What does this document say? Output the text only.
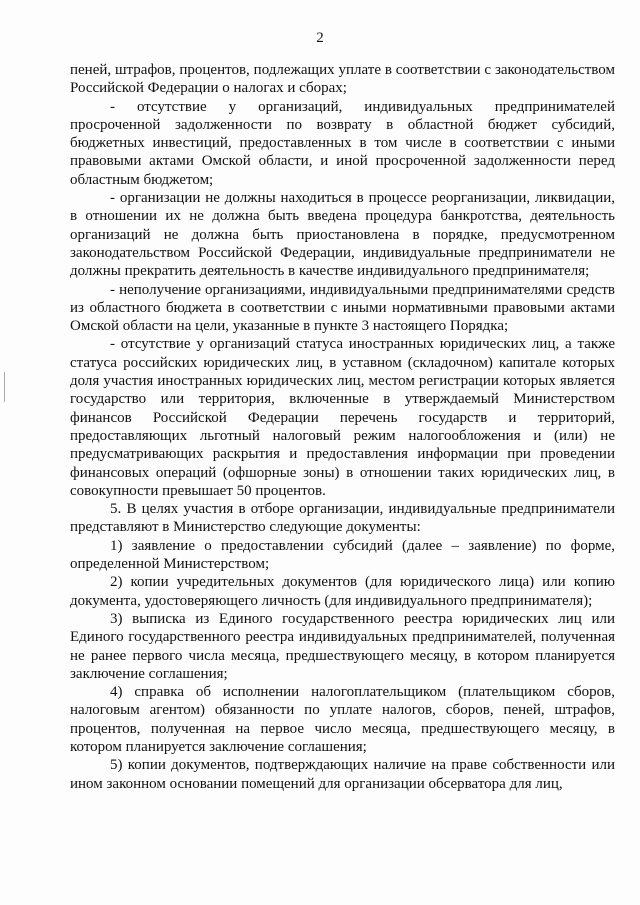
2

пеней, штрафов, процентов, подлежащих уплате в соответствии с законодательством Российской Федерации о налогах и сборах;

- отсутствие у организаций, индивидуальных предпринимателей просроченной задолженности по возврату в областной бюджет субсидий, бюджетных инвестиций, предоставленных в том числе в соответствии с иными правовыми актами Омской области, и иной просроченной задолженности перед областным бюджетом;

- организации не должны находиться в процессе реорганизации, ликвидации, в отношении их не должна быть введена процедура банкротства, деятельность организаций не должна быть приостановлена в порядке, предусмотренном законодательством Российской Федерации, индивидуальные предприниматели не должны прекратить деятельность в качестве индивидуального предпринимателя;

- неполучение организациями, индивидуальными предпринимателями средств из областного бюджета в соответствии с иными нормативными правовыми актами Омской области на цели, указанные в пункте 3 настоящего Порядка;

- отсутствие у организаций статуса иностранных юридических лиц, а также статуса российских юридических лиц, в уставном (складочном) капитале которых доля участия иностранных юридических лиц, местом регистрации которых является государство или территория, включенные в утверждаемый Министерством финансов Российской Федерации перечень государств и территорий, предоставляющих льготный налоговый режим налогообложения и (или) не предусматривающих раскрытия и предоставления информации при проведении финансовых операций (офшорные зоны) в отношении таких юридических лиц, в совокупности превышает 50 процентов.

5. В целях участия в отборе организации, индивидуальные предприниматели представляют в Министерство следующие документы:

1) заявление о предоставлении субсидий (далее – заявление) по форме, определенной Министерством;

2) копии учредительных документов (для юридического лица) или копию документа, удостоверяющего личность (для индивидуального предпринимателя);

3) выписка из Единого государственного реестра юридических лиц или Единого государственного реестра индивидуальных предпринимателей, полученная не ранее первого числа месяца, предшествующего месяцу, в котором планируется заключение соглашения;

4) справка об исполнении налогоплательщиком (плательщиком сборов, налоговым агентом) обязанности по уплате налогов, сборов, пеней, штрафов, процентов, полученная на первое число месяца, предшествующего месяцу, в котором планируется заключение соглашения;

5) копии документов, подтверждающих наличие на праве собственности или ином законном основании помещений для организации обсерватора для лиц,
